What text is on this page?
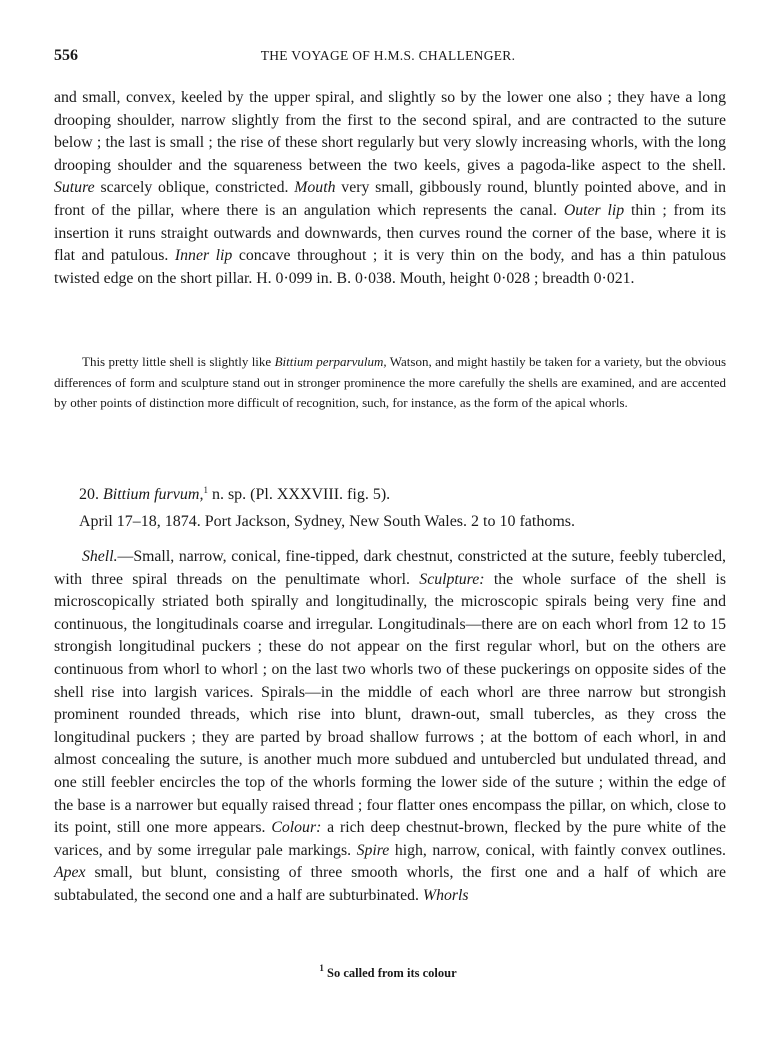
556	THE VOYAGE OF H.M.S. CHALLENGER.

and small, convex, keeled by the upper spiral, and slightly so by the lower one also ; they have a long drooping shoulder, narrow slightly from the first to the second spiral, and are contracted to the suture below ; the last is small ; the rise of these short regularly but very slowly increasing whorls, with the long drooping shoulder and the squareness between the two keels, gives a pagoda-like aspect to the shell. Suture scarcely oblique, constricted. Mouth very small, gibbously round, bluntly pointed above, and in front of the pillar, where there is an angulation which represents the canal. Outer lip thin ; from its insertion it runs straight outwards and downwards, then curves round the corner of the base, where it is flat and patulous. Inner lip concave throughout ; it is very thin on the body, and has a thin patulous twisted edge on the short pillar. H. 0·099 in. B. 0·038. Mouth, height 0·028 ; breadth 0·021.

This pretty little shell is slightly like Bittium perparvulum, Watson, and might hastily be taken for a variety, but the obvious differences of form and sculpture stand out in stronger prominence the more carefully the shells are examined, and are accented by other points of distinction more difficult of recognition, such, for instance, as the form of the apical whorls.

20. Bittium furvum,$^1$ n. sp. (Pl. XXXVIII. fig. 5).

April 17–18, 1874. Port Jackson, Sydney, New South Wales. 2 to 10 fathoms.

Shell.—Small, narrow, conical, fine-tipped, dark chestnut, constricted at the suture, feebly tubercled, with three spiral threads on the penultimate whorl. Sculpture: the whole surface of the shell is microscopically striated both spirally and longitudinally, the microscopic spirals being very fine and continuous, the longitudinals coarse and irregular. Longitudinals—there are on each whorl from 12 to 15 strongish longitudinal puckers ; these do not appear on the first regular whorl, but on the others are continuous from whorl to whorl ; on the last two whorls two of these puckerings on opposite sides of the shell rise into largish varices. Spirals—in the middle of each whorl are three narrow but strongish prominent rounded threads, which rise into blunt, drawn-out, small tubercles, as they cross the longitudinal puckers ; they are parted by broad shallow furrows ; at the bottom of each whorl, in and almost concealing the suture, is another much more subdued and untubercled but undulated thread, and one still feebler encircles the top of the whorls forming the lower side of the suture ; within the edge of the base is a narrower but equally raised thread ; four flatter ones encompass the pillar, on which, close to its point, still one more appears. Colour: a rich deep chestnut-brown, flecked by the pure white of the varices, and by some irregular pale markings. Spire high, narrow, conical, with faintly convex outlines. Apex small, but blunt, consisting of three smooth whorls, the first one and a half of which are subtabulated, the second one and a half are subturbinated. Whorls

$^1$ So called from its colour
